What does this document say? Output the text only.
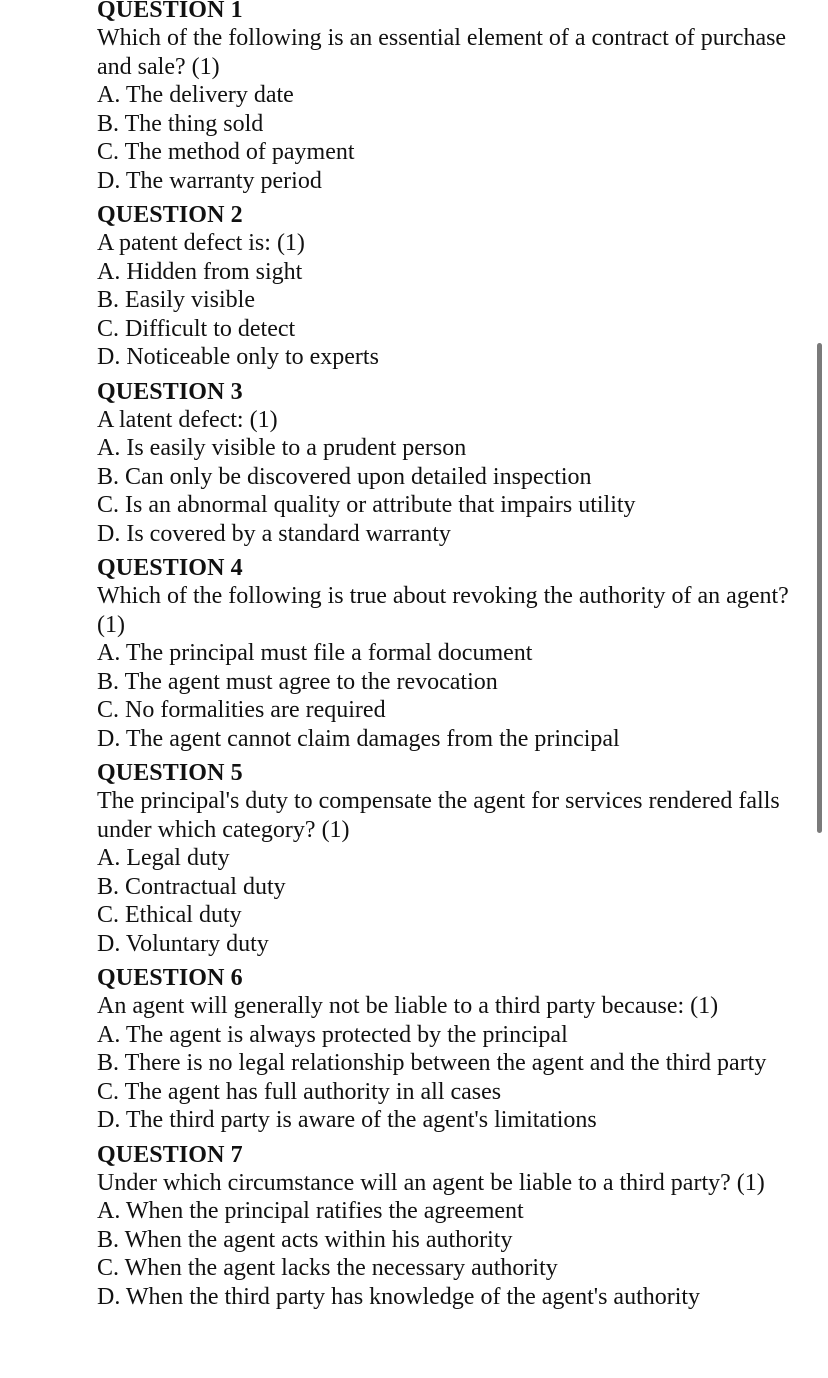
QUESTION 1
Which of the following is an essential element of a contract of purchase and sale? (1)
A. The delivery date
B. The thing sold
C. The method of payment
D. The warranty period
QUESTION 2
A patent defect is: (1)
A. Hidden from sight
B. Easily visible
C. Difficult to detect
D. Noticeable only to experts
QUESTION 3
A latent defect: (1)
A. Is easily visible to a prudent person
B. Can only be discovered upon detailed inspection
C. Is an abnormal quality or attribute that impairs utility
D. Is covered by a standard warranty
QUESTION 4
Which of the following is true about revoking the authority of an agent? (1)
A. The principal must file a formal document
B. The agent must agree to the revocation
C. No formalities are required
D. The agent cannot claim damages from the principal
QUESTION 5
The principal's duty to compensate the agent for services rendered falls under which category? (1)
A. Legal duty
B. Contractual duty
C. Ethical duty
D. Voluntary duty
QUESTION 6
An agent will generally not be liable to a third party because: (1)
A. The agent is always protected by the principal
B. There is no legal relationship between the agent and the third party
C. The agent has full authority in all cases
D. The third party is aware of the agent's limitations
QUESTION 7
Under which circumstance will an agent be liable to a third party? (1)
A. When the principal ratifies the agreement
B. When the agent acts within his authority
C. When the agent lacks the necessary authority
D. When the third party has knowledge of the agent's authority
